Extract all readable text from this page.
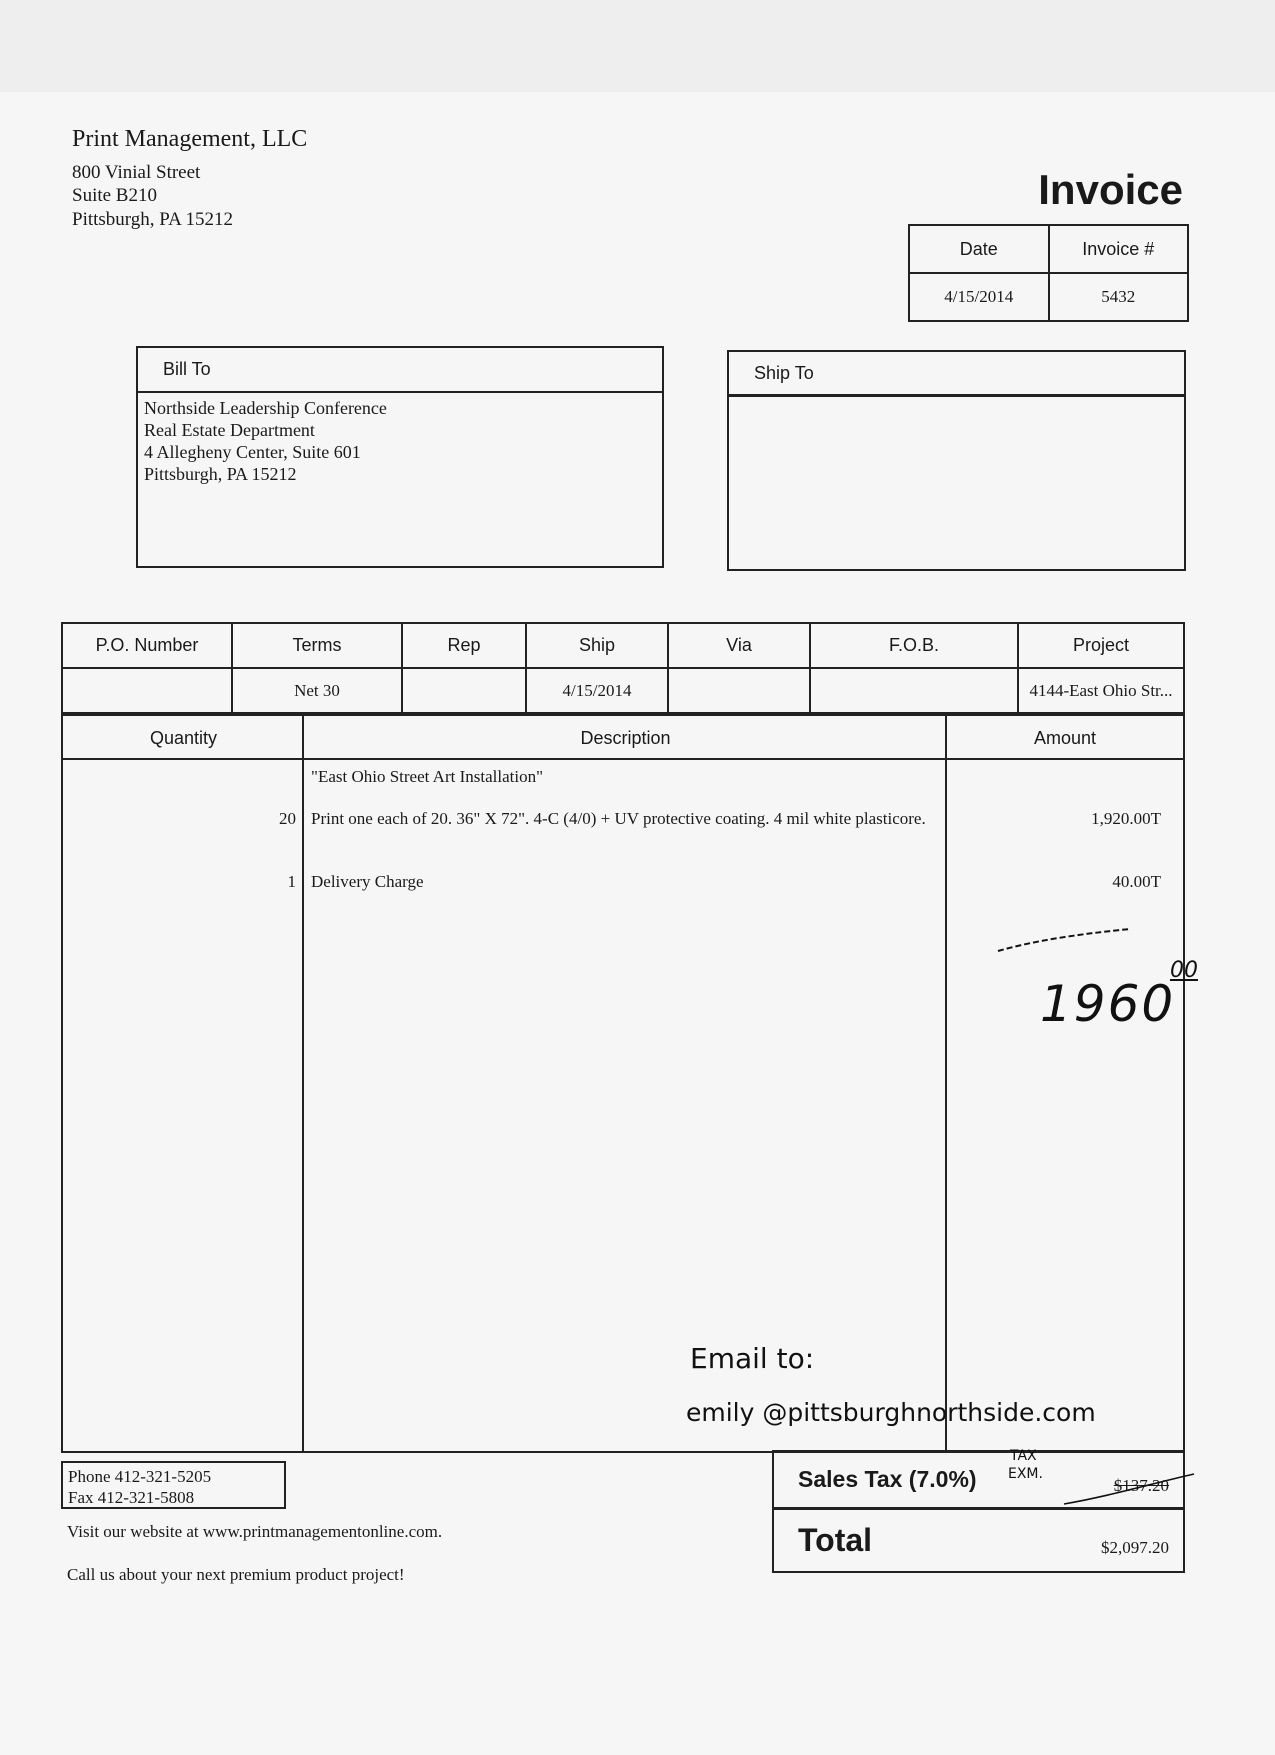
Print Management, LLC
800 Vinial Street
Suite B210
Pittsburgh, PA 15212
Invoice
Date	Invoice #
4/15/2014	5432
Bill To
Northside Leadership Conference
Real Estate Department
4 Allegheny Center, Suite 601
Pittsburgh, PA 15212
Ship To
P.O. Number	Terms	Rep	Ship	Via	F.O.B.	Project
	Net 30		4/15/2014			4144-East Ohio Str...
Quantity	Description	Amount
"East Ohio Street Art Installation"
20 Print one each of 20. 36" X 72". 4-C (4/0) + UV protective coating. 4 mil white plasticore.	1,920.00T
1 Delivery Charge	40.00T
1960
00
Email to:
emily @pittsburghnorthside.com
Phone 412-321-5205
Fax 412-321-5808
Visit our website at www.printmanagementonline.com.
Call us about your next premium product project!
Sales Tax (7.0%)	$137.20
Total	$2,097.20
TAX
EXM.
